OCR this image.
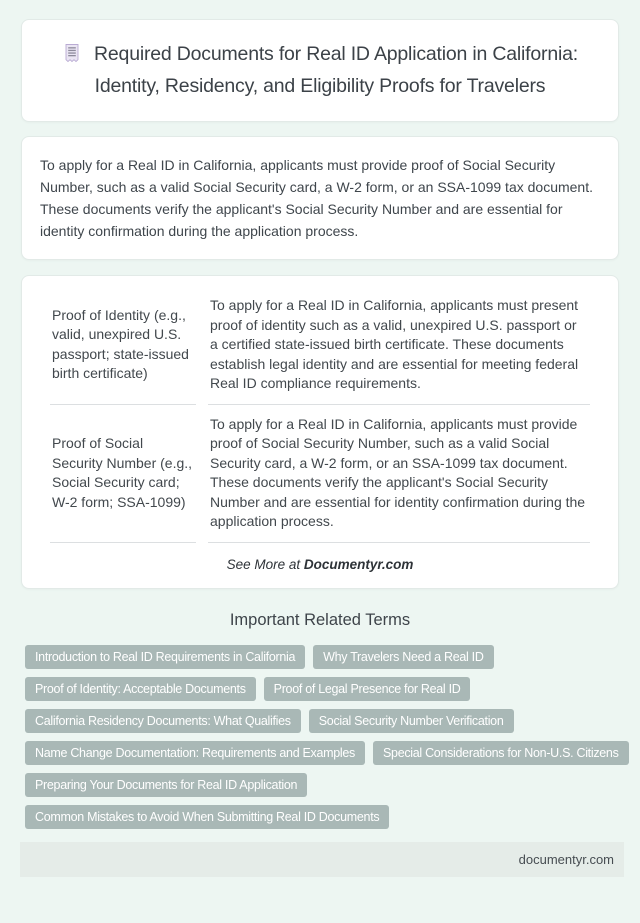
Required Documents for Real ID Application in California: Identity, Residency, and Eligibility Proofs for Travelers

To apply for a Real ID in California, applicants must provide proof of Social Security Number, such as a valid Social Security card, a W-2 form, or an SSA-1099 tax document. These documents verify the applicant's Social Security Number and are essential for identity confirmation during the application process.

Proof of Identity (e.g., valid, unexpired U.S. passport; state-issued birth certificate)	To apply for a Real ID in California, applicants must present proof of identity such as a valid, unexpired U.S. passport or a certified state-issued birth certificate. These documents establish legal identity and are essential for meeting federal Real ID compliance requirements.
Proof of Social Security Number (e.g., Social Security card; W-2 form; SSA-1099)	To apply for a Real ID in California, applicants must provide proof of Social Security Number, such as a valid Social Security card, a W-2 form, or an SSA-1099 tax document. These documents verify the applicant's Social Security Number and are essential for identity confirmation during the application process.

See More at Documentyr.com

Important Related Terms
Introduction to Real ID Requirements in California	Why Travelers Need a Real ID
Proof of Identity: Acceptable Documents	Proof of Legal Presence for Real ID
California Residency Documents: What Qualifies	Social Security Number Verification
Name Change Documentation: Requirements and Examples	Special Considerations for Non-U.S. Citizens
Preparing Your Documents for Real ID Application
Common Mistakes to Avoid When Submitting Real ID Documents
documentyr.com
